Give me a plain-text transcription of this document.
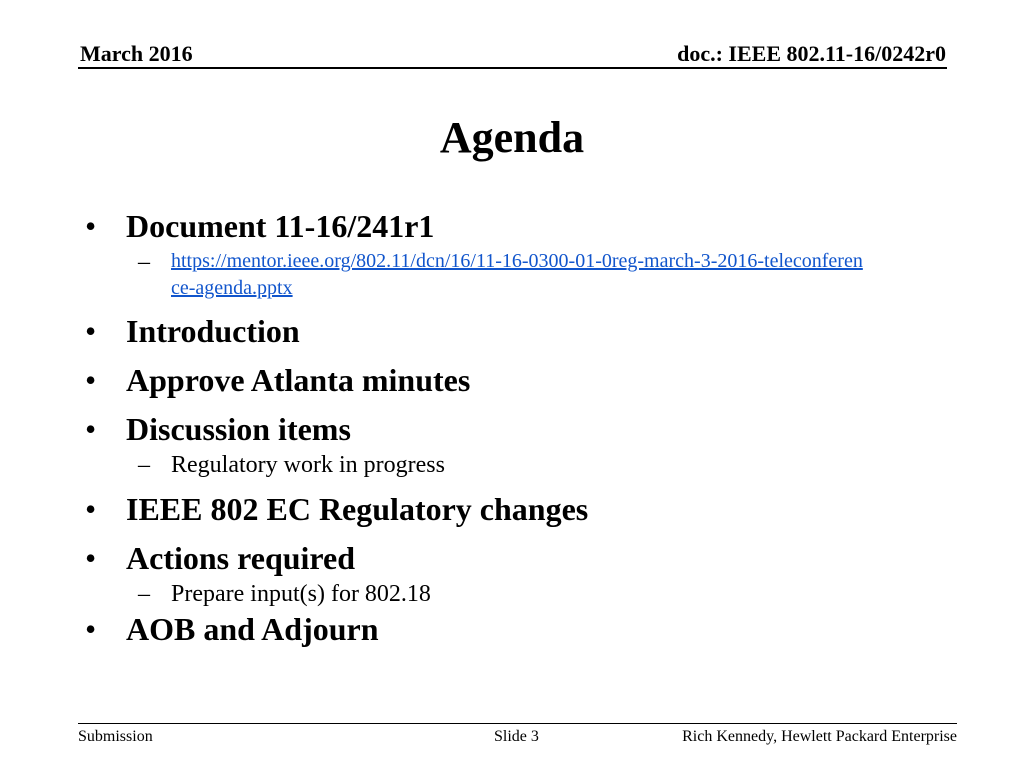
March 2016	doc.: IEEE 802.11-16/0242r0
Agenda
• Document 11-16/241r1
– https://mentor.ieee.org/802.11/dcn/16/11-16-0300-01-0reg-march-3-2016-teleconference-agenda.pptx
• Introduction
• Approve Atlanta minutes
• Discussion items
– Regulatory work in progress
• IEEE 802 EC Regulatory changes
• Actions required
– Prepare input(s) for 802.18
• AOB and Adjourn
Submission	Slide 3	Rich Kennedy, Hewlett Packard Enterprise
